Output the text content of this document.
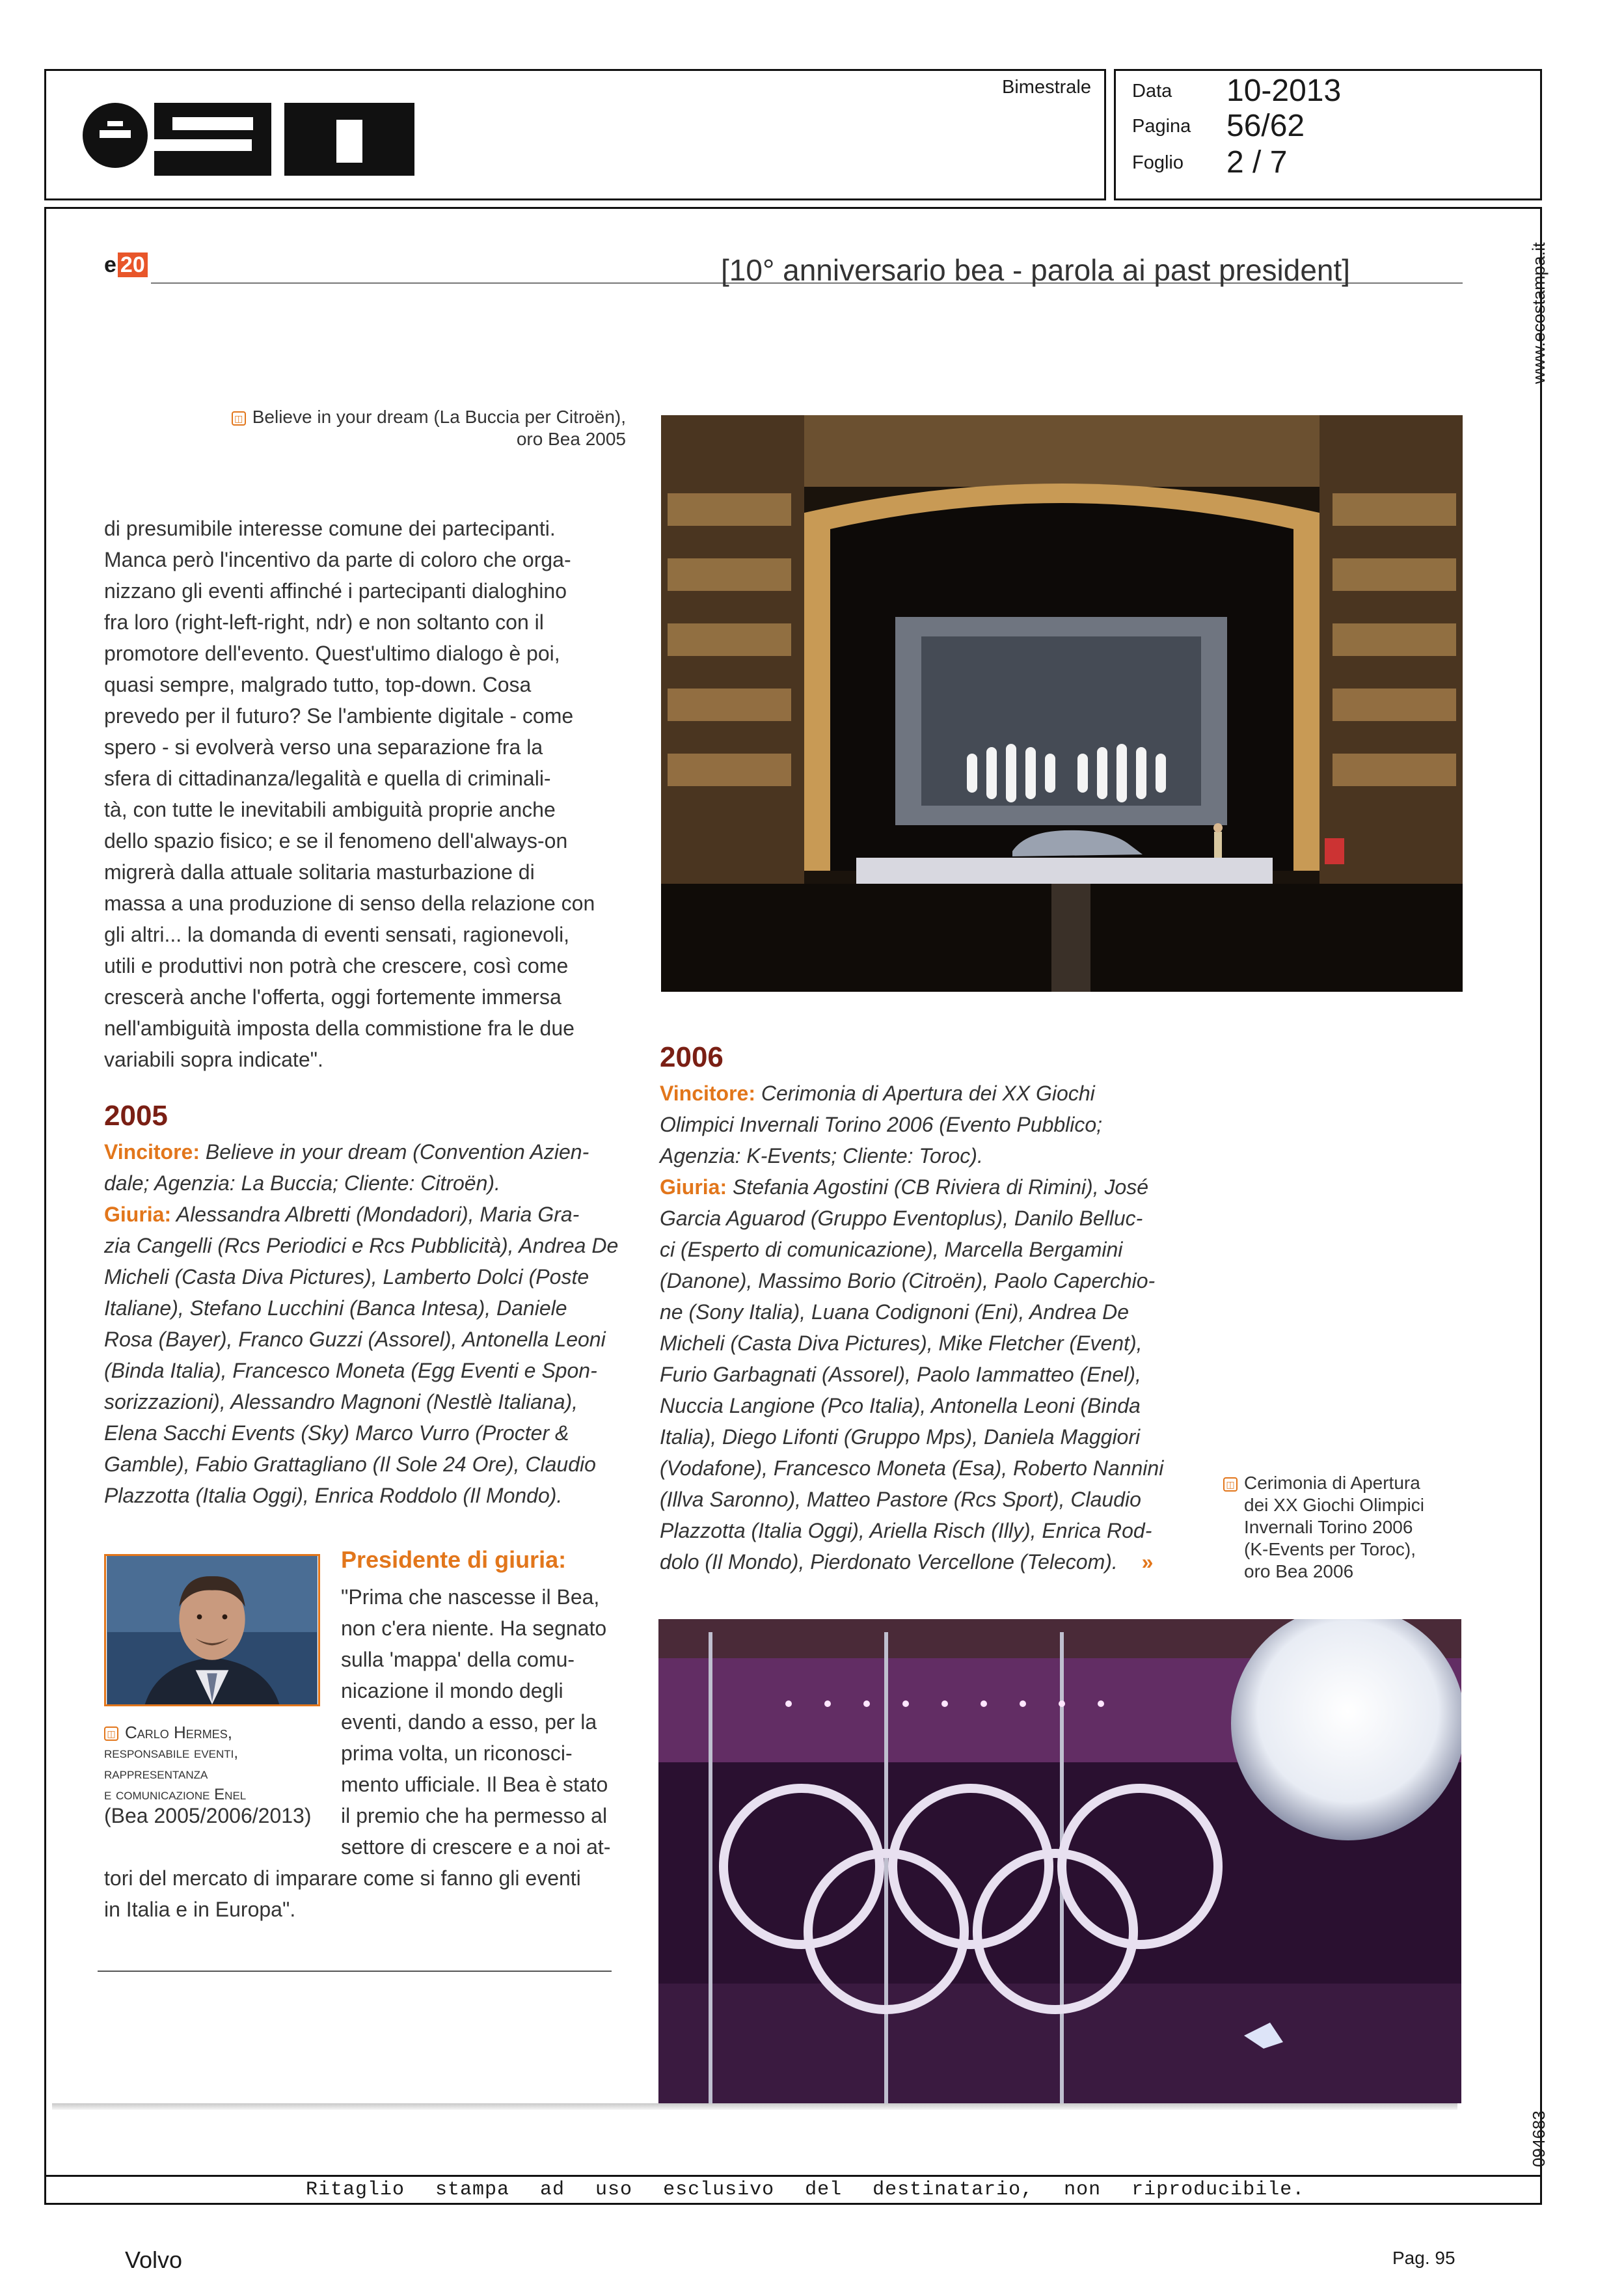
e20	Bimestrale Data 10-2013
Pagina 56/62
Foglio 2 / 7
www.ecostampa.it
094683
e 20	[10° anniversario bea - parola ai past president]
◫ Believe in your dream (La Buccia per Citroën),
oro Bea 2005
di presumibile interesse comune dei partecipanti.
Manca però l'incentivo da parte di coloro che orga-
nizzano gli eventi affinché i partecipanti dialoghino
fra loro (right-left-right, ndr) e non soltanto con il
promotore dell'evento. Quest'ultimo dialogo è poi,
quasi sempre, malgrado tutto, top-down. Cosa
prevedo per il futuro? Se l'ambiente digitale - come
spero - si evolverà verso una separazione fra la
sfera di cittadinanza/legalità e quella di criminali-
tà, con tutte le inevitabili ambiguità proprie anche
dello spazio fisico; e se il fenomeno dell'always-on
migrerà dalla attuale solitaria masturbazione di
massa a una produzione di senso della relazione con
gli altri... la domanda di eventi sensati, ragionevoli,
utili e produttivi non potrà che crescere, così come
crescerà anche l'offerta, oggi fortemente immersa
nell'ambiguità imposta della commistione fra le due
variabili sopra indicate".
2005
Vincitore: Believe in your dream (Convention Azien-
dale; Agenzia: La Buccia; Cliente: Citroën).
Giuria: Alessandra Albretti (Mondadori), Maria Gra-
zia Cangelli (Rcs Periodici e Rcs Pubblicità), Andrea De
Micheli (Casta Diva Pictures), Lamberto Dolci (Poste
Italiane), Stefano Lucchini (Banca Intesa), Daniele
Rosa (Bayer), Franco Guzzi (Assorel), Antonella Leoni
(Binda Italia), Francesco Moneta (Egg Eventi e Spon-
sorizzazioni), Alessandro Magnoni (Nestlè Italiana),
Elena Sacchi Events (Sky) Marco Vurro (Procter &
Gamble), Fabio Grattagliano (Il Sole 24 Ore), Claudio
Plazzotta (Italia Oggi), Enrica Roddolo (Il Mondo).
◫ Carlo Hermes,
responsabile eventi,
rappresentanza
e comunicazione Enel
(Bea 2005/2006/2013)
Presidente di giuria:
"Prima che nascesse il Bea,
non c'era niente. Ha segnato
sulla 'mappa' della comu-
nicazione il mondo degli
eventi, dando a esso, per la
prima volta, un riconosci-
mento ufficiale. Il Bea è stato
il premio che ha permesso al
settore di crescere e a noi at-
tori del mercato di imparare come si fanno gli eventi
in Italia e in Europa".
2006
Vincitore: Cerimonia di Apertura dei XX Giochi
Olimpici Invernali Torino 2006 (Evento Pubblico;
Agenzia: K-Events; Cliente: Toroc).
Giuria: Stefania Agostini (CB Riviera di Rimini), José
Garcia Aguarod (Gruppo Eventoplus), Danilo Belluc-
ci (Esperto di comunicazione), Marcella Bergamini
(Danone), Massimo Borio (Citroën), Paolo Caperchio-
ne (Sony Italia), Luana Codignoni (Eni), Andrea De
Micheli (Casta Diva Pictures), Mike Fletcher (Event),
Furio Garbagnati (Assorel), Paolo Iammatteo (Enel),
Nuccia Langione (Pco Italia), Antonella Leoni (Binda
Italia), Diego Lifonti (Gruppo Mps), Daniela Maggiori
(Vodafone), Francesco Moneta (Esa), Roberto Nannini
(Illva Saronno), Matteo Pastore (Rcs Sport), Claudio
Plazzotta (Italia Oggi), Ariella Risch (Illy), Enrica Rod-
dolo (Il Mondo), Pierdonato Vercellone (Telecom). »
◫ Cerimonia di Apertura
dei XX Giochi Olimpici
Invernali Torino 2006
(K-Events per Toroc),
oro Bea 2006
Ritaglio stampa ad uso esclusivo del destinatario, non riproducibile.
Volvo	Pag. 95
